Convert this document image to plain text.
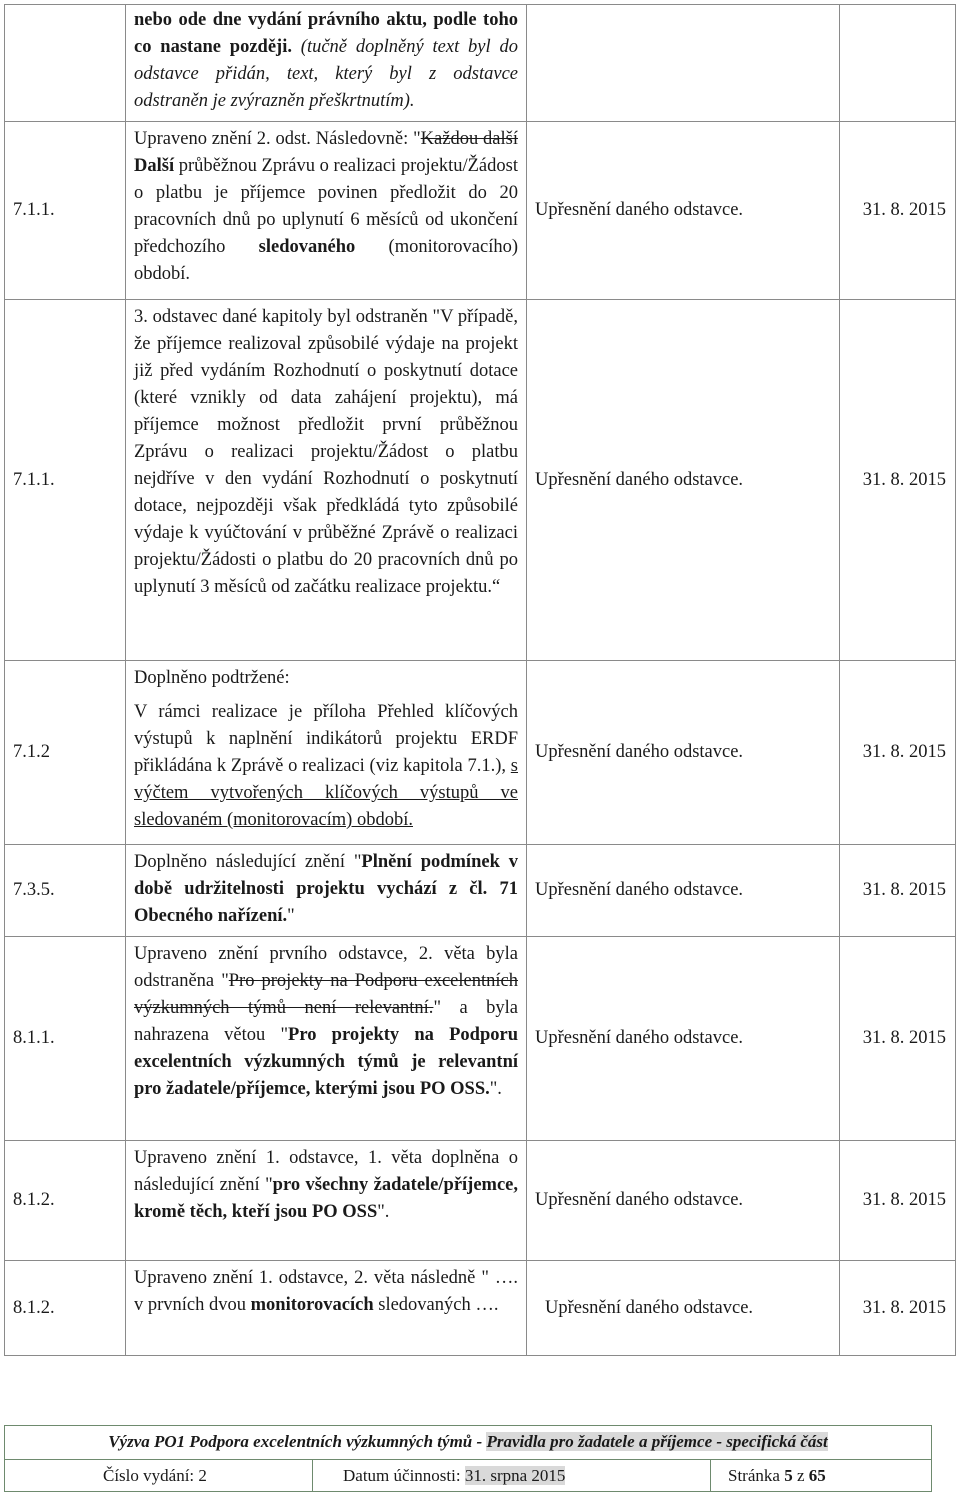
	nebo ode dne vydání právního aktu, podle toho co nastane později. (tučně doplněný text byl do odstavce přidán, text, který byl z odstavce odstraněn je zvýrazněn přeškrtnutím).		

7.1.1.	Upraveno znění 2. odst. Následovně: "Každou další Další průběžnou Zprávu o realizaci projektu/Žádost o platbu je příjemce povinen předložit do 20 pracovních dnů po uplynutí 6 měsíců od ukončení předchozího sledovaného (monitorovacího) období.	Upřesnění daného odstavce.	31. 8. 2015
7.1.1.	3. odstavec dané kapitoly byl odstraněn "V případě, že příjemce realizoval způsobilé výdaje na projekt již před vydáním Rozhodnutí o poskytnutí dotace (které vznikly od data zahájení projektu), má příjemce možnost předložit první průběžnou Zprávu o realizaci projektu/Žádost o platbu nejdříve v den vydání Rozhodnutí o poskytnutí dotace, nejpozději však předkládá tyto způsobilé výdaje k vyúčtování v průběžné Zprávě o realizaci projektu/Žádosti o platbu do 20 pracovních dnů po uplynutí 3 měsíců od začátku realizace projektu.“	Upřesnění daného odstavce.	31. 8. 2015
7.1.2	Doplněno podtržené:

V rámci realizace je příloha Přehled klíčových výstupů k naplnění indikátorů projektu ERDF přikládána k Zprávě o realizaci (viz kapitola 7.1.), s výčtem vytvořených klíčových výstupů ve sledovaném (monitorovacím) období.	Upřesnění daného odstavce.	31. 8. 2015
7.3.5.	Doplněno následující znění "Plnění podmínek v době udržitelnosti projektu vychází z čl. 71 Obecného nařízení."	Upřesnění daného odstavce.	31. 8. 2015
8.1.1.	Upraveno znění prvního odstavce, 2. věta byla odstraněna "Pro projekty na Podporu excelentních výzkumných týmů není relevantní." a byla nahrazena větou "Pro projekty na Podporu excelentních výzkumných týmů je relevantní pro žadatele/příjemce, kterými jsou PO OSS.".	Upřesnění daného odstavce.	31. 8. 2015
8.1.2.	Upraveno znění 1. odstavce, 1. věta doplněna o následující znění "pro všechny žadatele/příjemce, kromě těch, kteří jsou PO OSS".	Upřesnění daného odstavce.	31. 8. 2015
8.1.2.	Upraveno znění 1. odstavce, 2. věta následně " …. v prvních dvou monitorovacích sledovaných ….	Upřesnění daného odstavce.	31. 8. 2015
Výzva PO1 Podpora excelentních výzkumných týmů - Pravidla pro žadatele a příjemce - specifická část
Číslo vydání: 2	Datum účinnosti: 31. srpna 2015	Stránka 5 z 65
